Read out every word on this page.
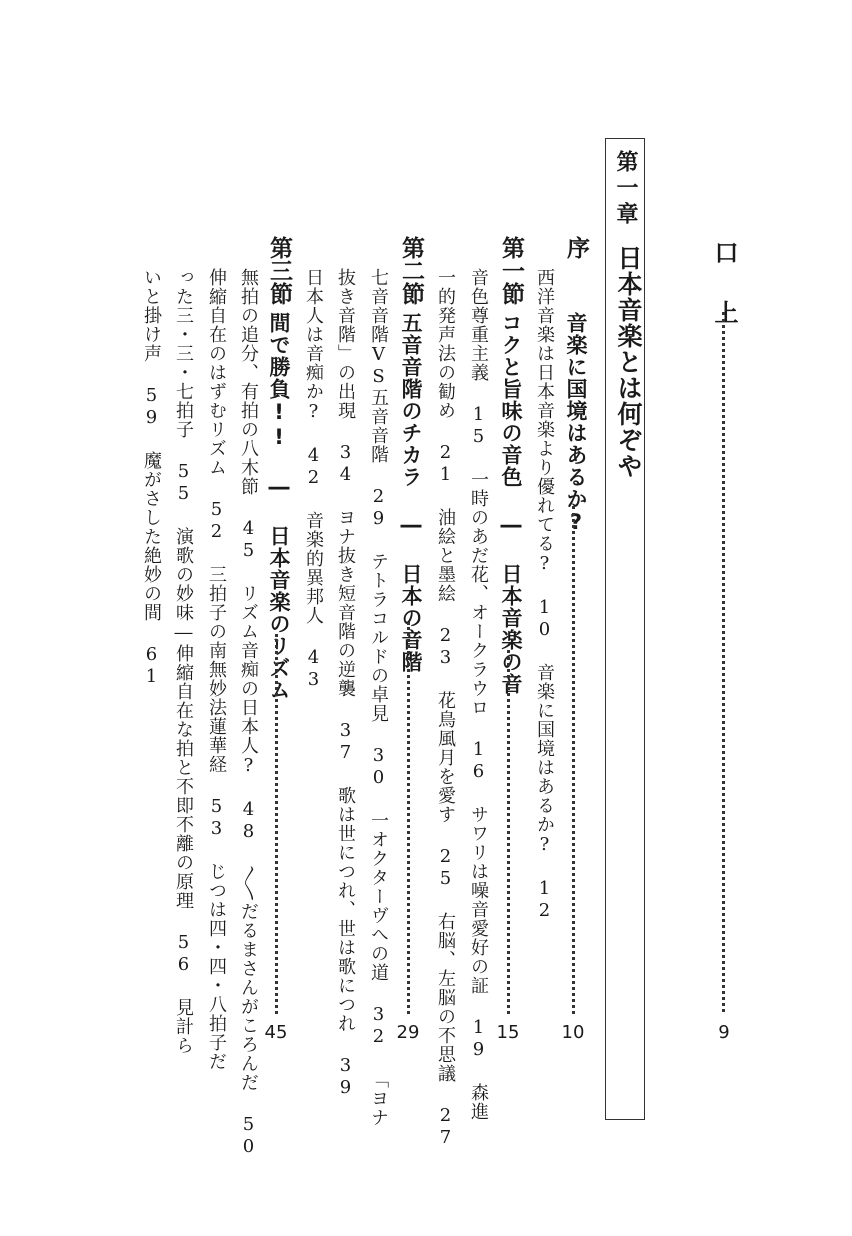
口 上
9
第一章
日本音楽とは何ぞや
序
音楽に国境はあるか?
10
西洋音楽は日本音楽より優れてる? 10 音楽に国境はあるか? 12
第一節
コクと旨味の音色 ― 日本音楽の音
15
音色尊重主義 15 一時のあだ花、オークラウロ 16 サワリは噪音愛好の証 19 森進
一的発声法の勧め 21 油絵と墨絵 23 花鳥風月を愛す 25 右脳、左脳の不思議 27
第二節
五音音階のチカラ ― 日本の音階
29
七音音階VS五音音階 29 テトラコルドの卓見 30 一オクターヴへの道 32 「ヨナ
抜き音階」の出現 34 ヨナ抜き短音階の逆襲 37 歌は世につれ、世は歌につれ 39
日本人は音痴か? 42 音楽的異邦人 43
第三節
間で勝負!! ― 日本音楽のリズム
45
無拍の追分、有拍の八木節 45 リズム音痴の日本人? 48 〳〵だるまさんがころんだ 50
伸縮自在のはずむリズム 52 三拍子の南無妙法蓮華経 53 じつは四・四・八拍子だ
った三・三・七拍子 55 演歌の妙味―伸縮自在な拍と不即不離の原理 56 見計ら
いと掛け声 59 魔がさした絶妙の間 61
